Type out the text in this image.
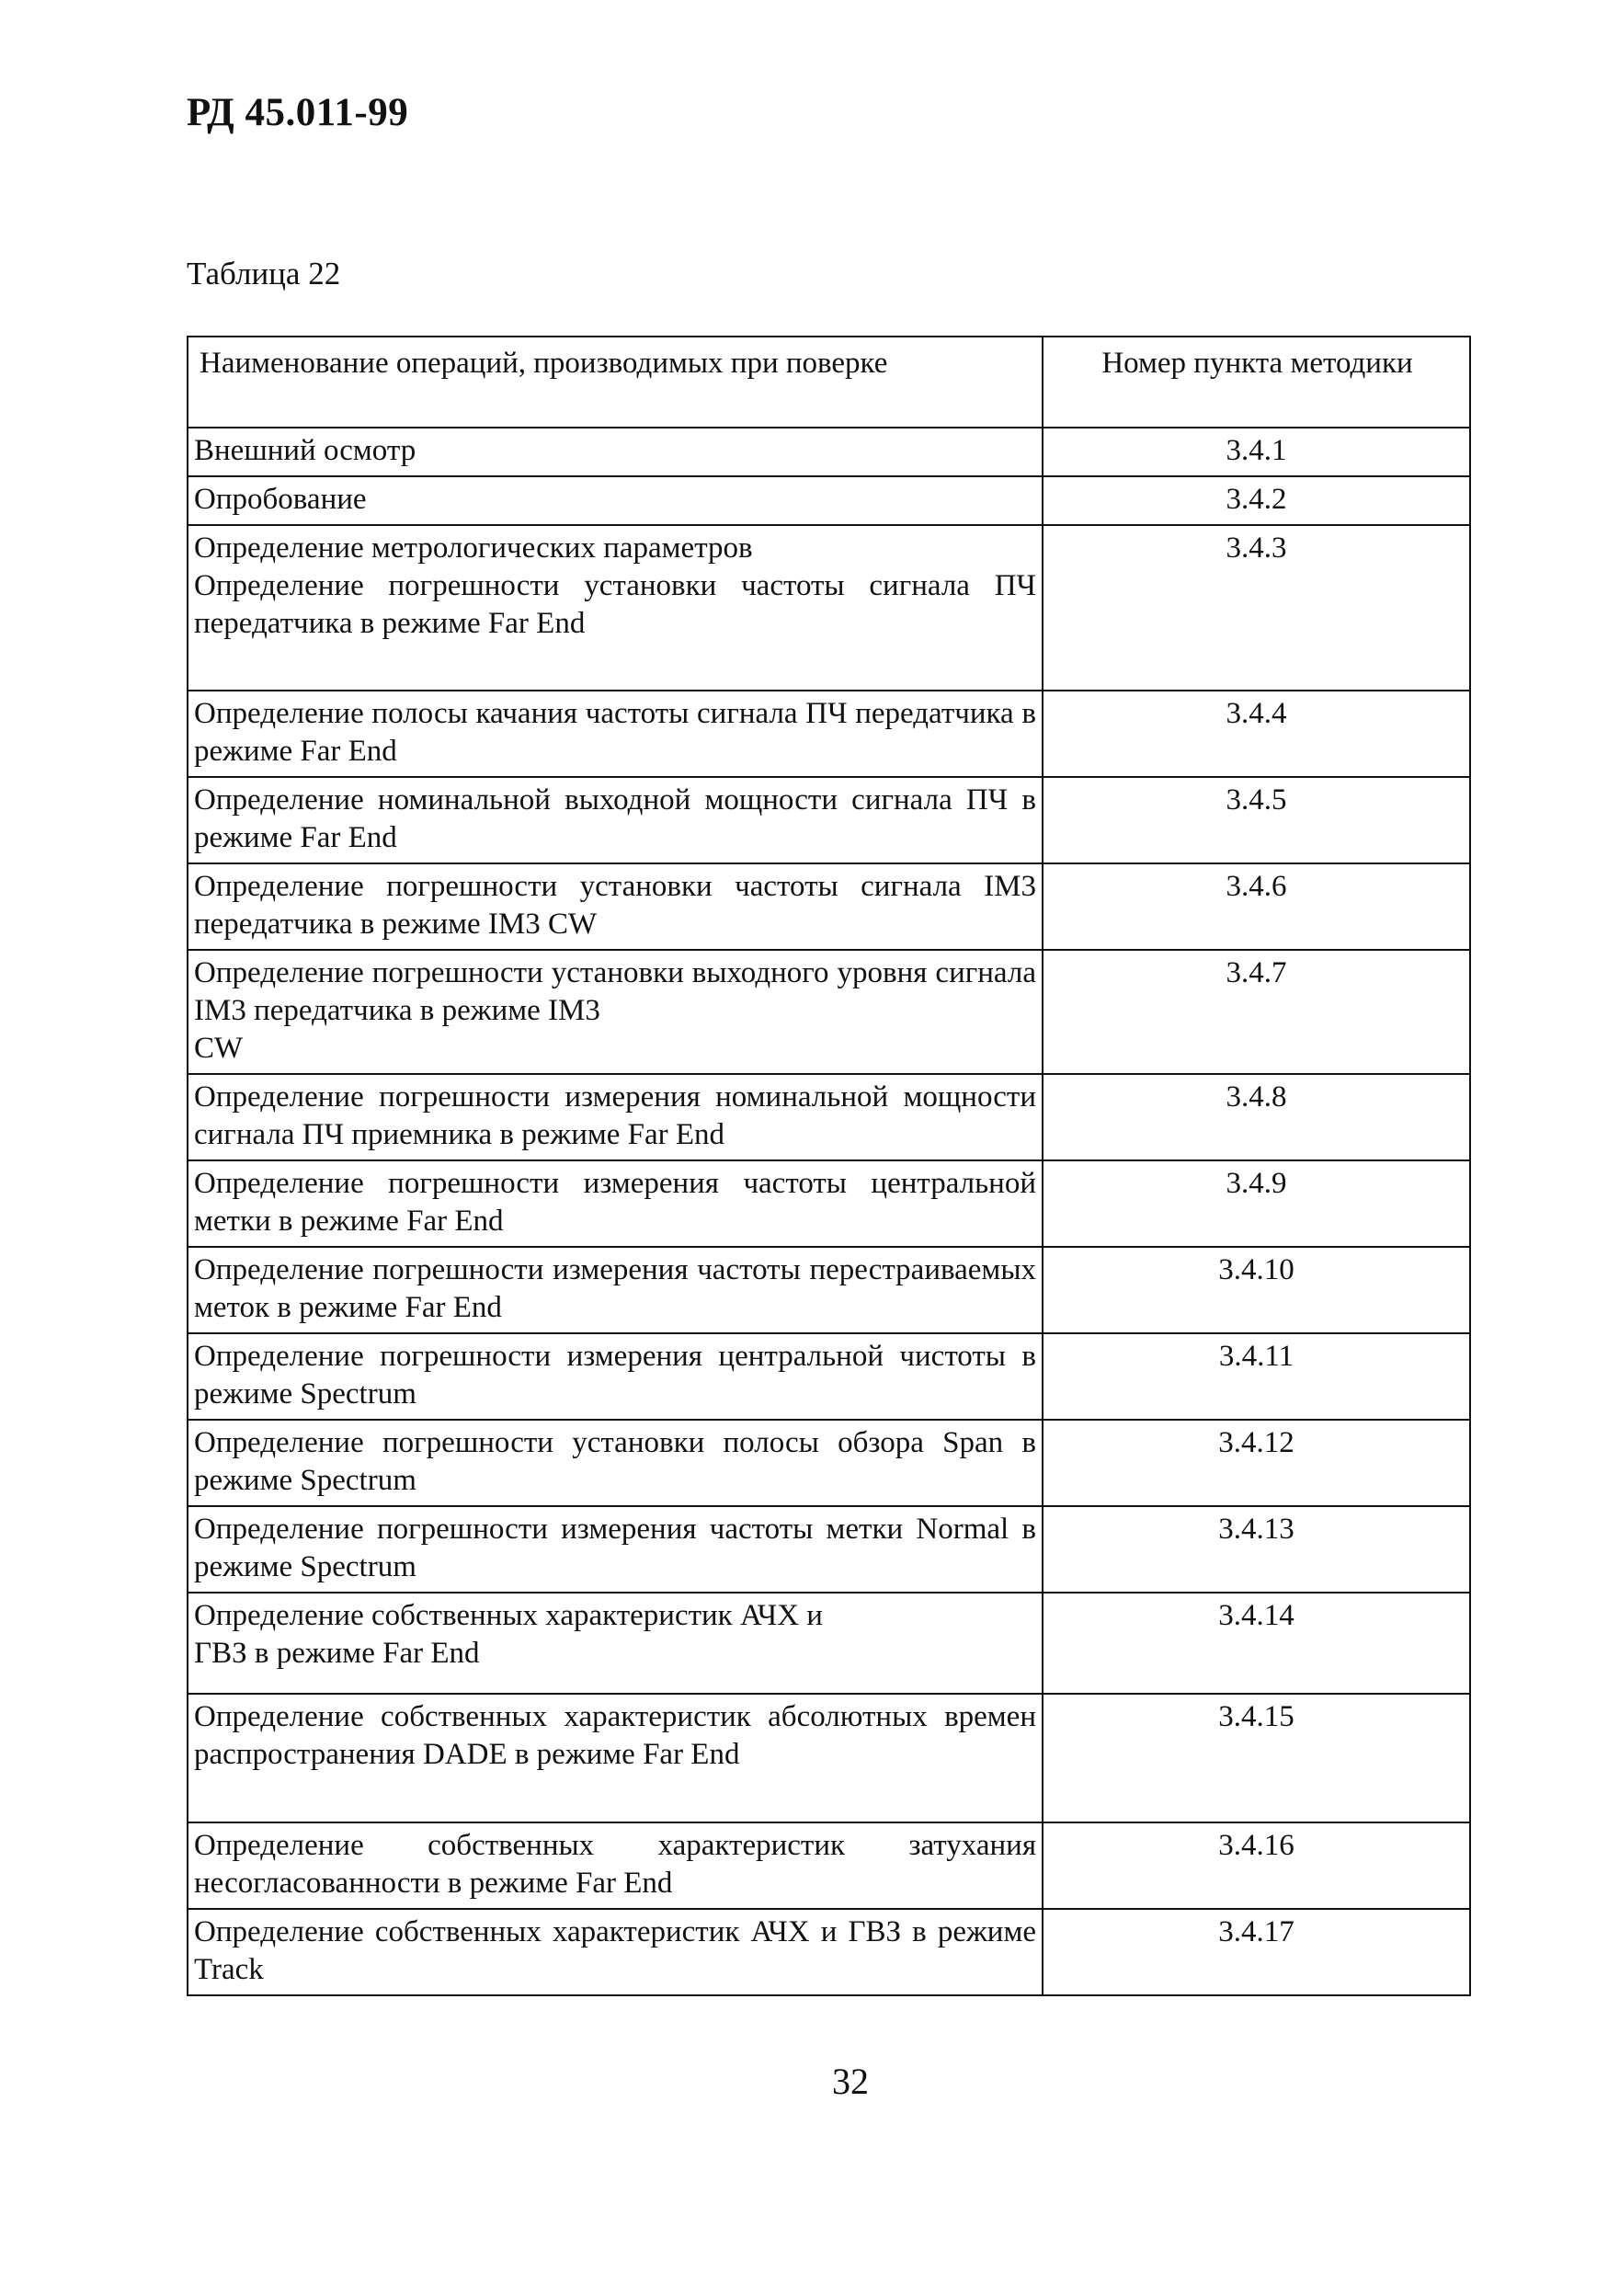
РД 45.011-99
Таблица 22
Наименование операций, производимых при поверке	Номер пункта методики
Внешний осмотр	3.4.1
Опробование	3.4.2

Определение метрологических параметров
Определение погрешности установки частоты сигнала ПЧ передатчика в режиме Far End	3.4.3
Определение полосы качания частоты сигнала ПЧ передатчика в режиме Far End	3.4.4
Определение номинальной выходной мощности сигнала ПЧ в режиме Far End	3.4.5
Определение погрешности установки частоты сигнала IM3 передатчика в режиме IM3 CW	3.4.6

Определение погрешности установки выходного уровня сигнала IM3 передатчика в режиме IM3
CW	3.4.7
Определение погрешности измерения номинальной мощности сигнала ПЧ приемника в режиме Far End	3.4.8
Определение погрешности измерения частоты центральной метки в режиме Far End	3.4.9
Определение погрешности измерения частоты перестраиваемых меток в режиме Far End	3.4.10
Определение погрешности измерения центральной чистоты в режиме Spectrum	3.4.11
Определение погрешности установки полосы обзора Span в режиме Spectrum	3.4.12
Определение погрешности измерения частоты метки Normal в режиме Spectrum	3.4.13

Определение собственных характеристик АЧХ и
ГВЗ в режиме Far End	3.4.14
Определение собственных характеристик абсолютных времен распространения DADE в режиме Far End	3.4.15
Определение собственных характеристик затухания несогласованности в режиме Far End	3.4.16
Определение собственных характеристик АЧХ и ГВЗ в режиме Track	3.4.17
32
